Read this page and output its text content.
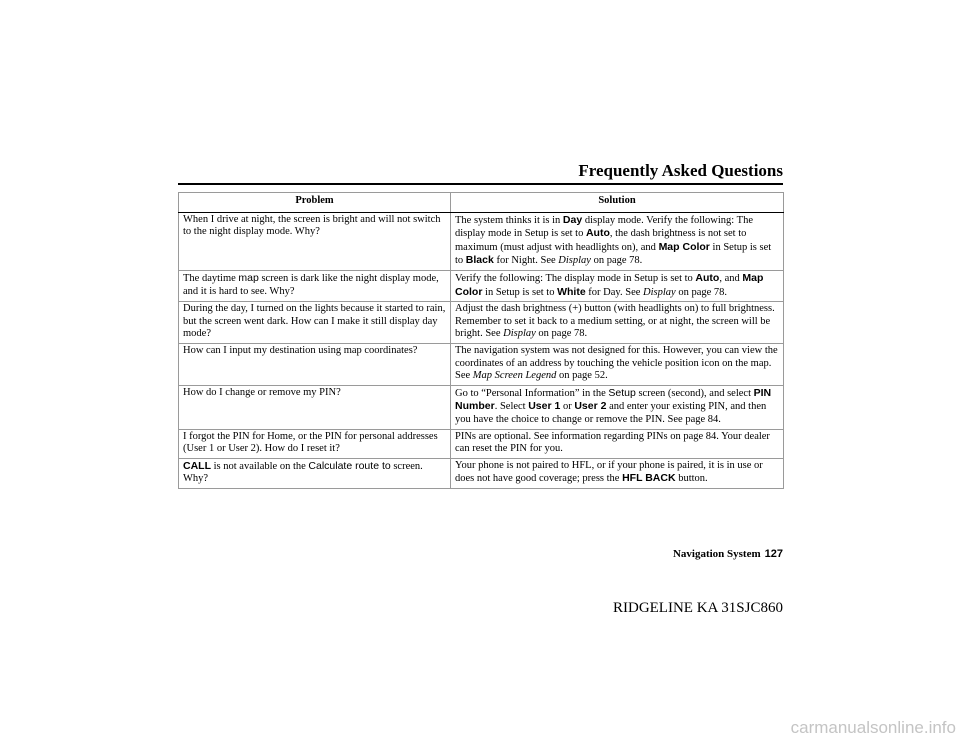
Frequently Asked Questions
Problem	Solution
When I drive at night, the screen is bright and will not switch to the night display mode. Why?	The system thinks it is in Day display mode. Verify the following: The display mode in Setup is set to Auto, the dash brightness is not set to maximum (must adjust with headlights on), and Map Color in Setup is set to Black for Night. See Display on page 78.
The daytime map screen is dark like the night display mode, and it is hard to see. Why?	Verify the following: The display mode in Setup is set to Auto, and Map Color in Setup is set to White for Day. See Display on page 78.
During the day, I turned on the lights because it started to rain, but the screen went dark. How can I make it still display day mode?	Adjust the dash brightness (+) button (with headlights on) to full brightness. Remember to set it back to a medium setting, or at night, the screen will be bright. See Display on page 78.
How can I input my destination using map coordinates?	The navigation system was not designed for this. However, you can view the coordinates of an address by touching the vehicle position icon on the map. See Map Screen Legend on page 52.
How do I change or remove my PIN?	Go to “Personal Information” in the Setup screen (second), and select PIN Number. Select User 1 or User 2 and enter your existing PIN, and then you have the choice to change or remove the PIN. See page 84.
I forgot the PIN for Home, or the PIN for personal addresses (User 1 or User 2). How do I reset it?	PINs are optional. See information regarding PINs on page 84. Your dealer can reset the PIN for you.
CALL is not available on the Calculate route to screen. Why?	Your phone is not paired to HFL, or if your phone is paired, it is in use or does not have good coverage; press the HFL BACK button.
Navigation System 127
RIDGELINE KA 31SJC860
carmanualsonline.info
